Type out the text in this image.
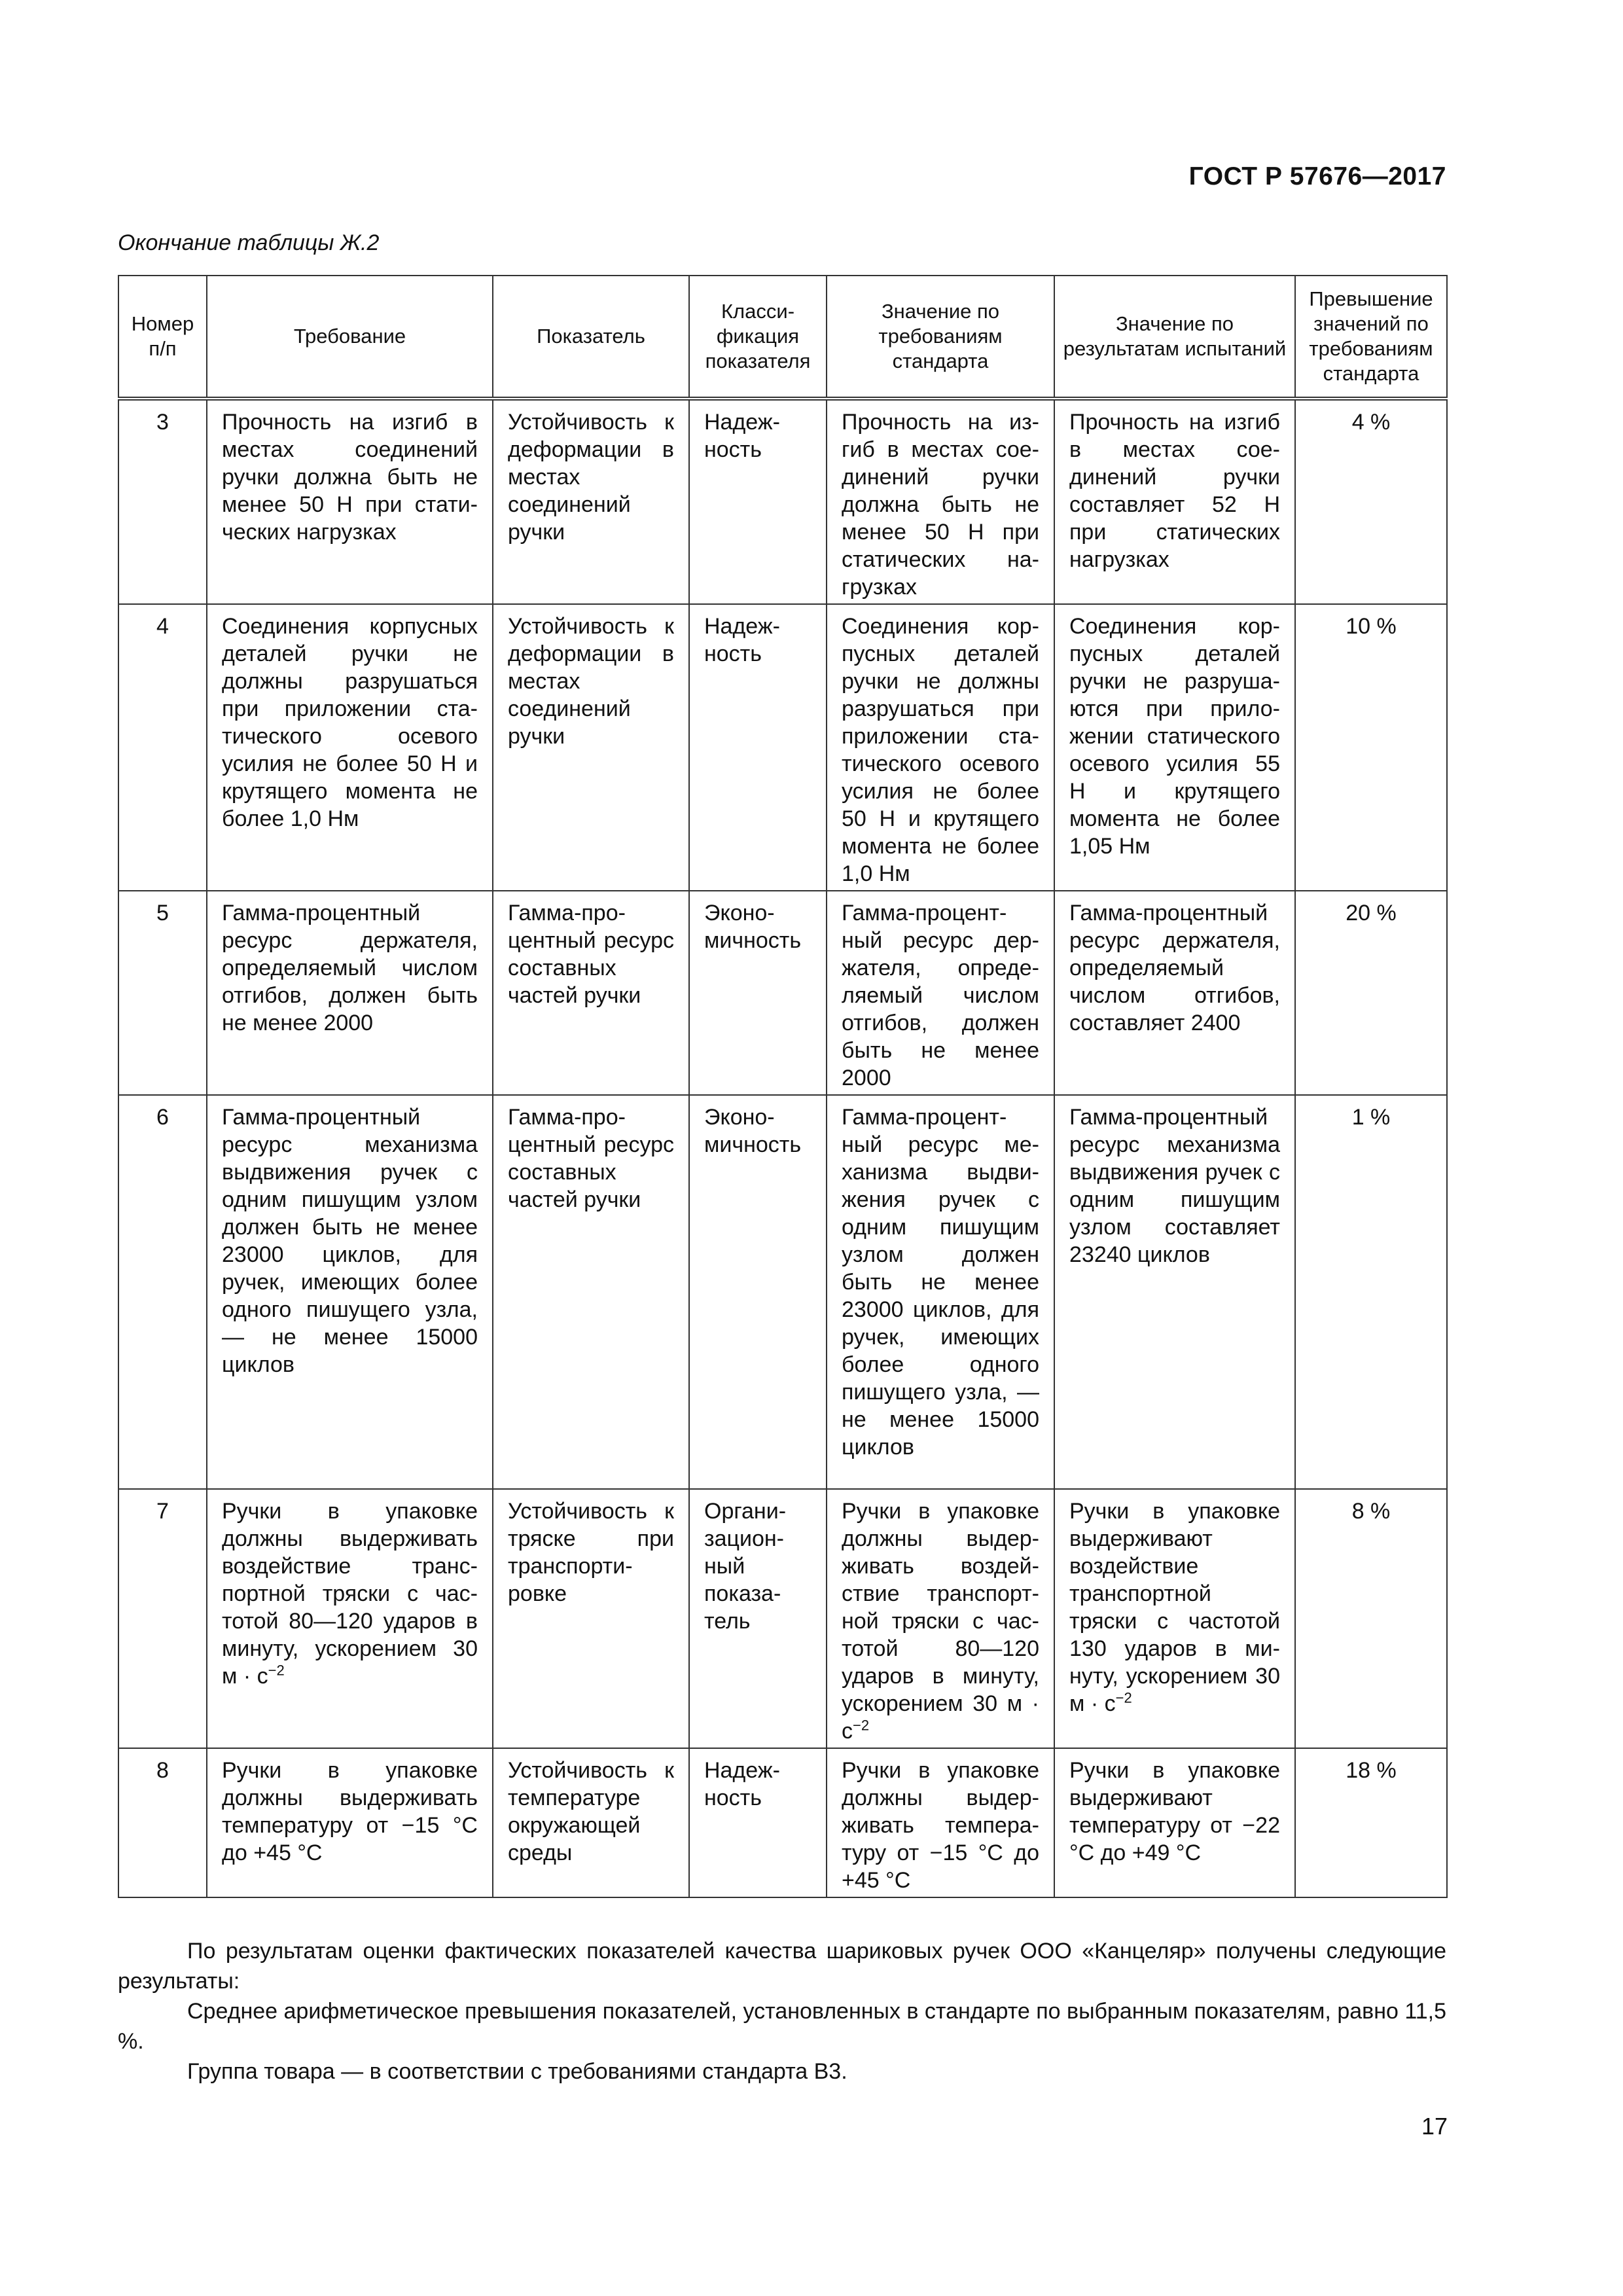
ГОСТ Р 57676—2017
Окончание таблицы Ж.2
Номер п/п	Требование	Показатель	Класси-фикация показателя	Значение по требованиям стандарта	Значение по результатам испытаний	Превышение значений по требованиям стандарта
3	Прочность на изгиб в местах соединений ручки должна быть не менее 50 Н при статических нагрузках	Устойчивость к деформации в местах соединений ручки	Надежность	Прочность на изгиб в местах соединений ручки должна быть не менее 50 Н при статических нагрузках	Прочность на изгиб в местах соединений ручки составляет 52 Н при статических нагрузках	4 %
4	Соединения корпусных деталей ручки не должны разрушаться при приложении статического осевого усилия не более 50 Н и крутящего момента не более 1,0 Нм	Устойчивость к деформации в местах соединений ручки	Надежность	Соединения корпусных деталей ручки не должны разрушаться при приложении статического осевого усилия не более 50 Н и крутящего момента не более 1,0 Нм	Соединения корпусных деталей ручки не разрушаются при приложении статического осевого усилия 55 Н и крутящего момента не более 1,05 Нм	10 %
5	Гамма-процентный ресурс держателя, определяемый числом отгибов, должен быть не менее 2000	Гамма-процентный ресурс составных частей ручки	Экономичность	Гамма-процентный ресурс держателя, определяемый числом отгибов, должен быть не менее 2000	Гамма-процентный ресурс держателя, определяемый числом отгибов, составляет 2400	20 %
6	Гамма-процентный ресурс механизма выдвижения ручек с одним пишущим узлом должен быть не менее 23000 циклов, для ручек, имеющих более одного пишущего узла, — не менее 15000 циклов	Гамма-процентный ресурс составных частей ручки	Экономичность	Гамма-процентный ресурс механизма выдвижения ручек с одним пишущим узлом должен быть не менее 23000 циклов, для ручек, имеющих более одного пишущего узла, — не менее 15000 циклов	Гамма-процентный ресурс механизма выдвижения ручек с одним пишущим узлом составляет 23240 циклов	1 %
7	Ручки в упаковке должны выдерживать воздействие транспортной тряски с частотой 80—120 ударов в минуту, ускорением 30 $м \cdot с^{-2}$	Устойчивость к тряске при транспортировке	Организационный показатель	Ручки в упаковке должны выдерживать воздействие транспортной тряски с частотой 80—120 ударов в минуту, ускорением 30 $м \cdot с^{-2}$	Ручки в упаковке выдерживают воздействие транспортной тряски с частотой 130 ударов в минуту, ускорением 30 $м \cdot с^{-2}$	8 %
8	Ручки в упаковке должны выдерживать температуру от −15 °С до +45 °С	Устойчивость к температуре окружающей среды	Надежность	Ручки в упаковке должны выдерживать температуру от −15 °С до +45 °С	Ручки в упаковке выдерживают температуру от −22 °С до +49 °С	18 %

По результатам оценки фактических показателей качества шариковых ручек ООО «Канцеляр» получены следующие результаты:

Среднее арифметическое превышения показателей, установленных в стандарте по выбранным показателям, равно 11,5 %.

Группа товара — в соответствии с требованиями стандарта В3.

17
